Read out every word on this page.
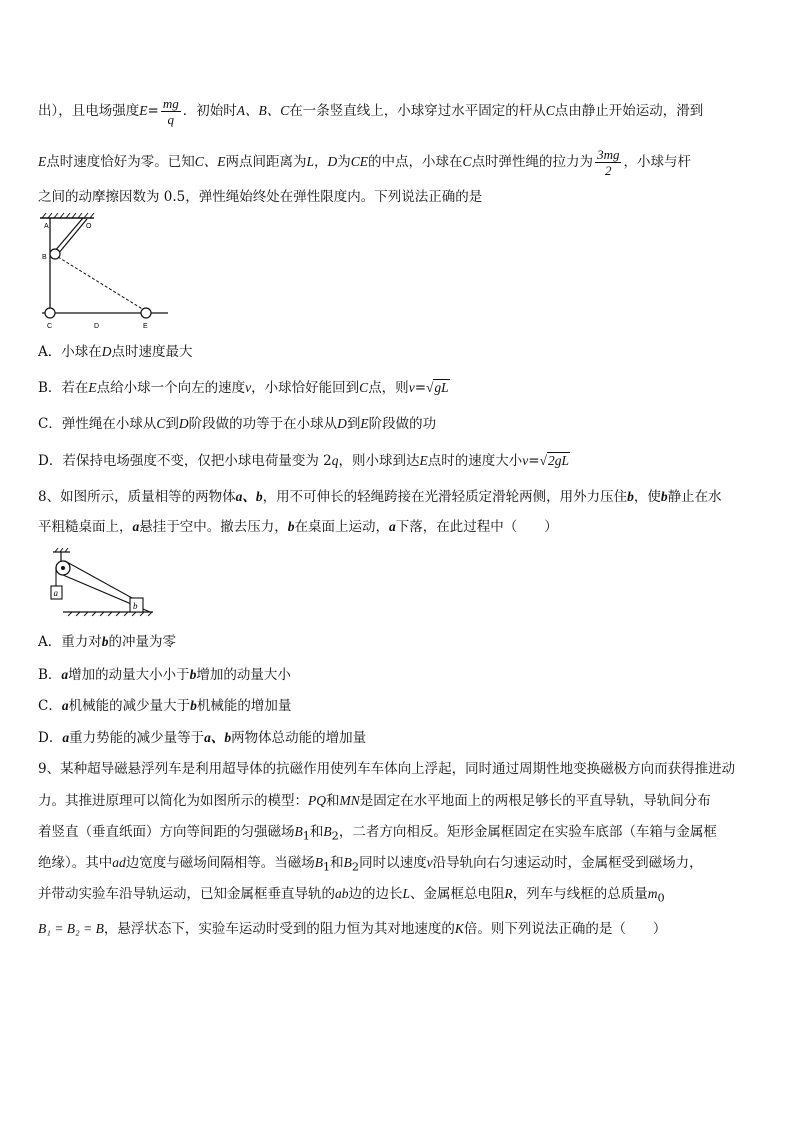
出），且电场强度$E= \frac{mg}{q}$ ．初始时A、B、C在一条竖直线上，小球穿过水平固定的杆从C点由静止开始运动，滑到
E点时速度恰好为零。已知C、E两点间距离为L，D为CE的中点，小球在C点时弹性绳的拉力为 $\frac{3mg}{2}$ ，小球与杆
之间的动摩擦因数为 0.5，弹性绳始终处在弹性限度内。下列说法正确的是
A	O
B
C	D	E
A．小球在D点时速度最大
B．若在E点给小球一个向左的速度v，小球恰好能回到C点，则v=√gL
C．弹性绳在小球从C到D阶段做的功等于在小球从D到E阶段做的功
D．若保持电场强度不变，仅把小球电荷量变为 2q，则小球到达E点时的速度大小v=√2gL
8、如图所示，质量相等的两物体a、b，用不可伸长的轻绳跨接在光滑轻质定滑轮两侧，用外力压住b，使b静止在水
平粗糙桌面上，a悬挂于空中。撤去压力，b在桌面上运动，a下落，在此过程中（　　）
a
b
A．重力对b的冲量为零
B．a增加的动量大小小于b增加的动量大小
C．a机械能的减少量大于b机械能的增加量
D．a重力势能的减少量等于a、b两物体总动能的增加量
9、某种超导磁悬浮列车是利用超导体的抗磁作用使列车车体向上浮起，同时通过周期性地变换磁极方向而获得推进动
力。其推进原理可以简化为如图所示的模型：PQ和MN是固定在水平地面上的两根足够长的平直导轨，导轨间分布
着竖直（垂直纸面）方向等间距的匀强磁场$B_1$和$B_2$，二者方向相反。矩形金属框固定在实验车底部（车箱与金属框
绝缘）。其中ad边宽度与磁场间隔相等。当磁场$B_1$和$B_2$同时以速度v沿导轨向右匀速运动时，金属框受到磁场力，
并带动实验车沿导轨运动，已知金属框垂直导轨的ab边的边长L、金属框总电阻R，列车与线框的总质量$m_0$
B₁ = B₂ = B，悬浮状态下，实验车运动时受到的阻力恒为其对地速度的K倍。则下列说法正确的是（　　）
